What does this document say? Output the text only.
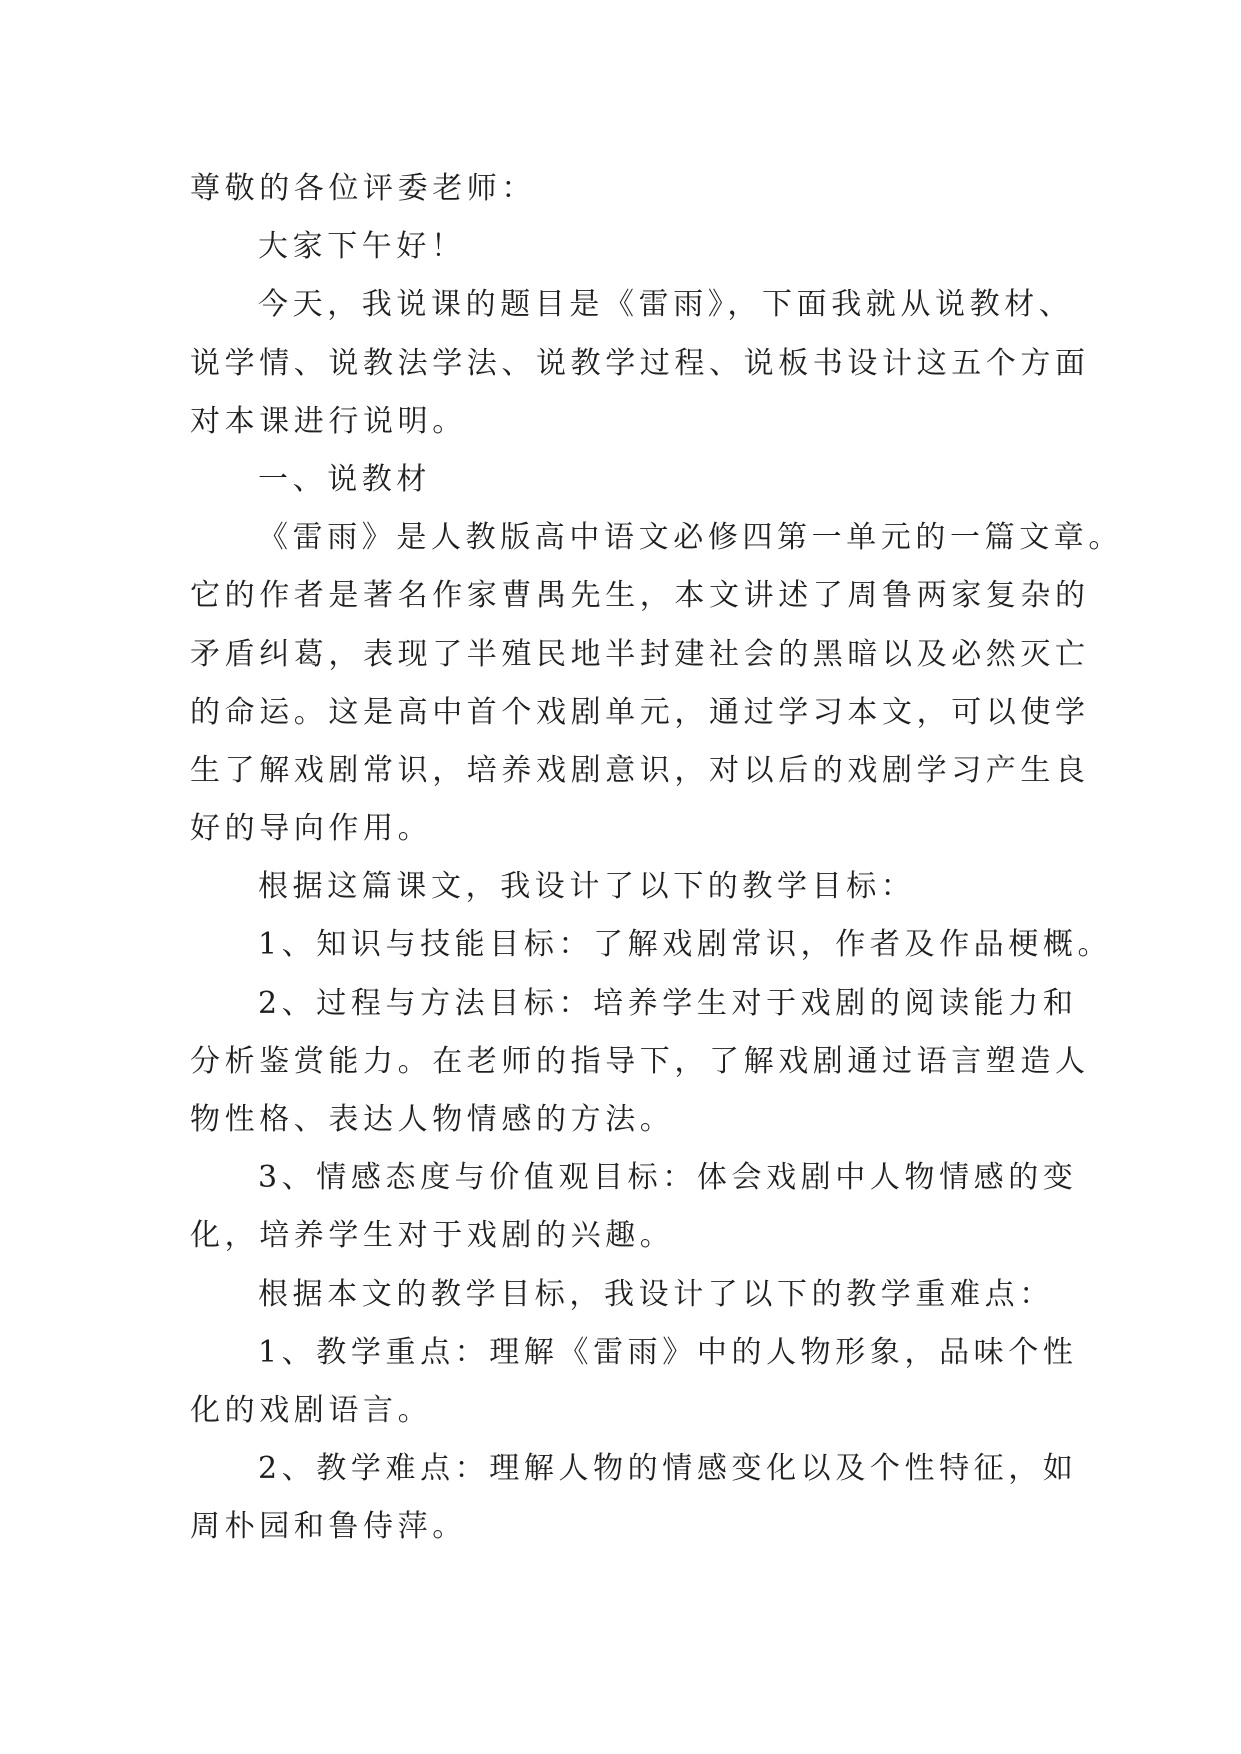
尊敬的各位评委老师：
大家下午好！
今天，我说课的题目是《雷雨》，下面我就从说教材、
说学情、说教法学法、说教学过程、说板书设计这五个方面
对本课进行说明。
一、说教材
《雷雨》是人教版高中语文必修四第一单元的一篇文章。
它的作者是著名作家曹禺先生，本文讲述了周鲁两家复杂的
矛盾纠葛，表现了半殖民地半封建社会的黑暗以及必然灭亡
的命运。这是高中首个戏剧单元，通过学习本文，可以使学
生了解戏剧常识，培养戏剧意识，对以后的戏剧学习产生良
好的导向作用。
根据这篇课文，我设计了以下的教学目标：
1、知识与技能目标：了解戏剧常识，作者及作品梗概。
2、过程与方法目标：培养学生对于戏剧的阅读能力和
分析鉴赏能力。在老师的指导下，了解戏剧通过语言塑造人
物性格、表达人物情感的方法。
3、情感态度与价值观目标：体会戏剧中人物情感的变
化，培养学生对于戏剧的兴趣。
根据本文的教学目标，我设计了以下的教学重难点：
1、教学重点：理解《雷雨》中的人物形象，品味个性
化的戏剧语言。
2、教学难点：理解人物的情感变化以及个性特征，如
周朴园和鲁侍萍。
